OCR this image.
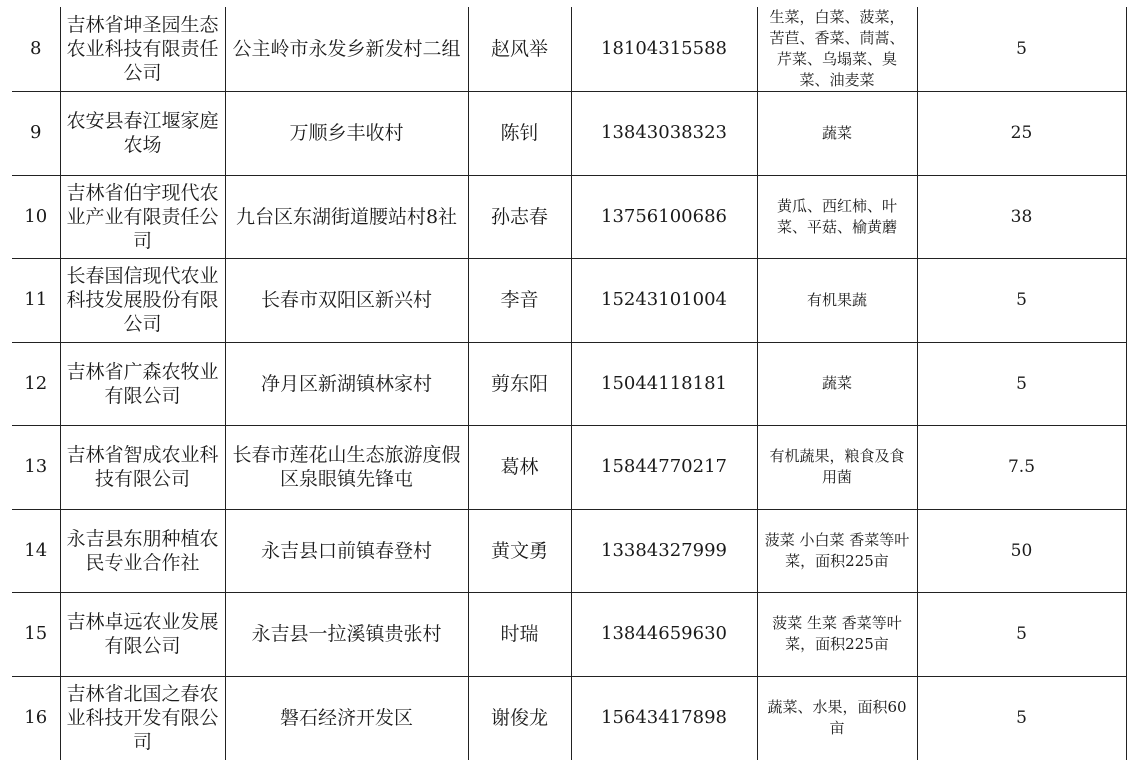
8	吉林省坤圣园生态农业科技有限责任公司	公主岭市永发乡新发村二组	赵风举	18104315588	生菜，白菜、菠菜，苦苣、香菜、茼蒿、芹菜、乌塌菜、臭菜、油麦菜	5
9	农安县春江堰家庭农场	万顺乡丰收村	陈钊	13843038323	蔬菜	25
10	吉林省伯宇现代农业产业有限责任公司	九台区东湖街道腰站村8社	孙志春	13756100686	黄瓜、西红柿、叶菜、平菇、榆黄蘑	38
11	长春国信现代农业科技发展股份有限公司	长春市双阳区新兴村	李音	15243101004	有机果蔬	5
12	吉林省广森农牧业有限公司	净月区新湖镇林家村	剪东阳	15044118181	蔬菜	5
13	吉林省智成农业科技有限公司	长春市莲花山生态旅游度假区泉眼镇先锋屯	葛林	15844770217	有机蔬果，粮食及食用菌	7.5
14	永吉县东朋种植农民专业合作社	永吉县口前镇春登村	黄文勇	13384327999	菠菜 小白菜 香菜等叶菜，面积225亩	50
15	吉林卓远农业发展有限公司	永吉县一拉溪镇贵张村	时瑞	13844659630	菠菜 生菜 香菜等叶菜，面积225亩	5
16	吉林省北国之春农业科技开发有限公司	磐石经济开发区	谢俊龙	15643417898	蔬菜、水果，面积60亩	5
